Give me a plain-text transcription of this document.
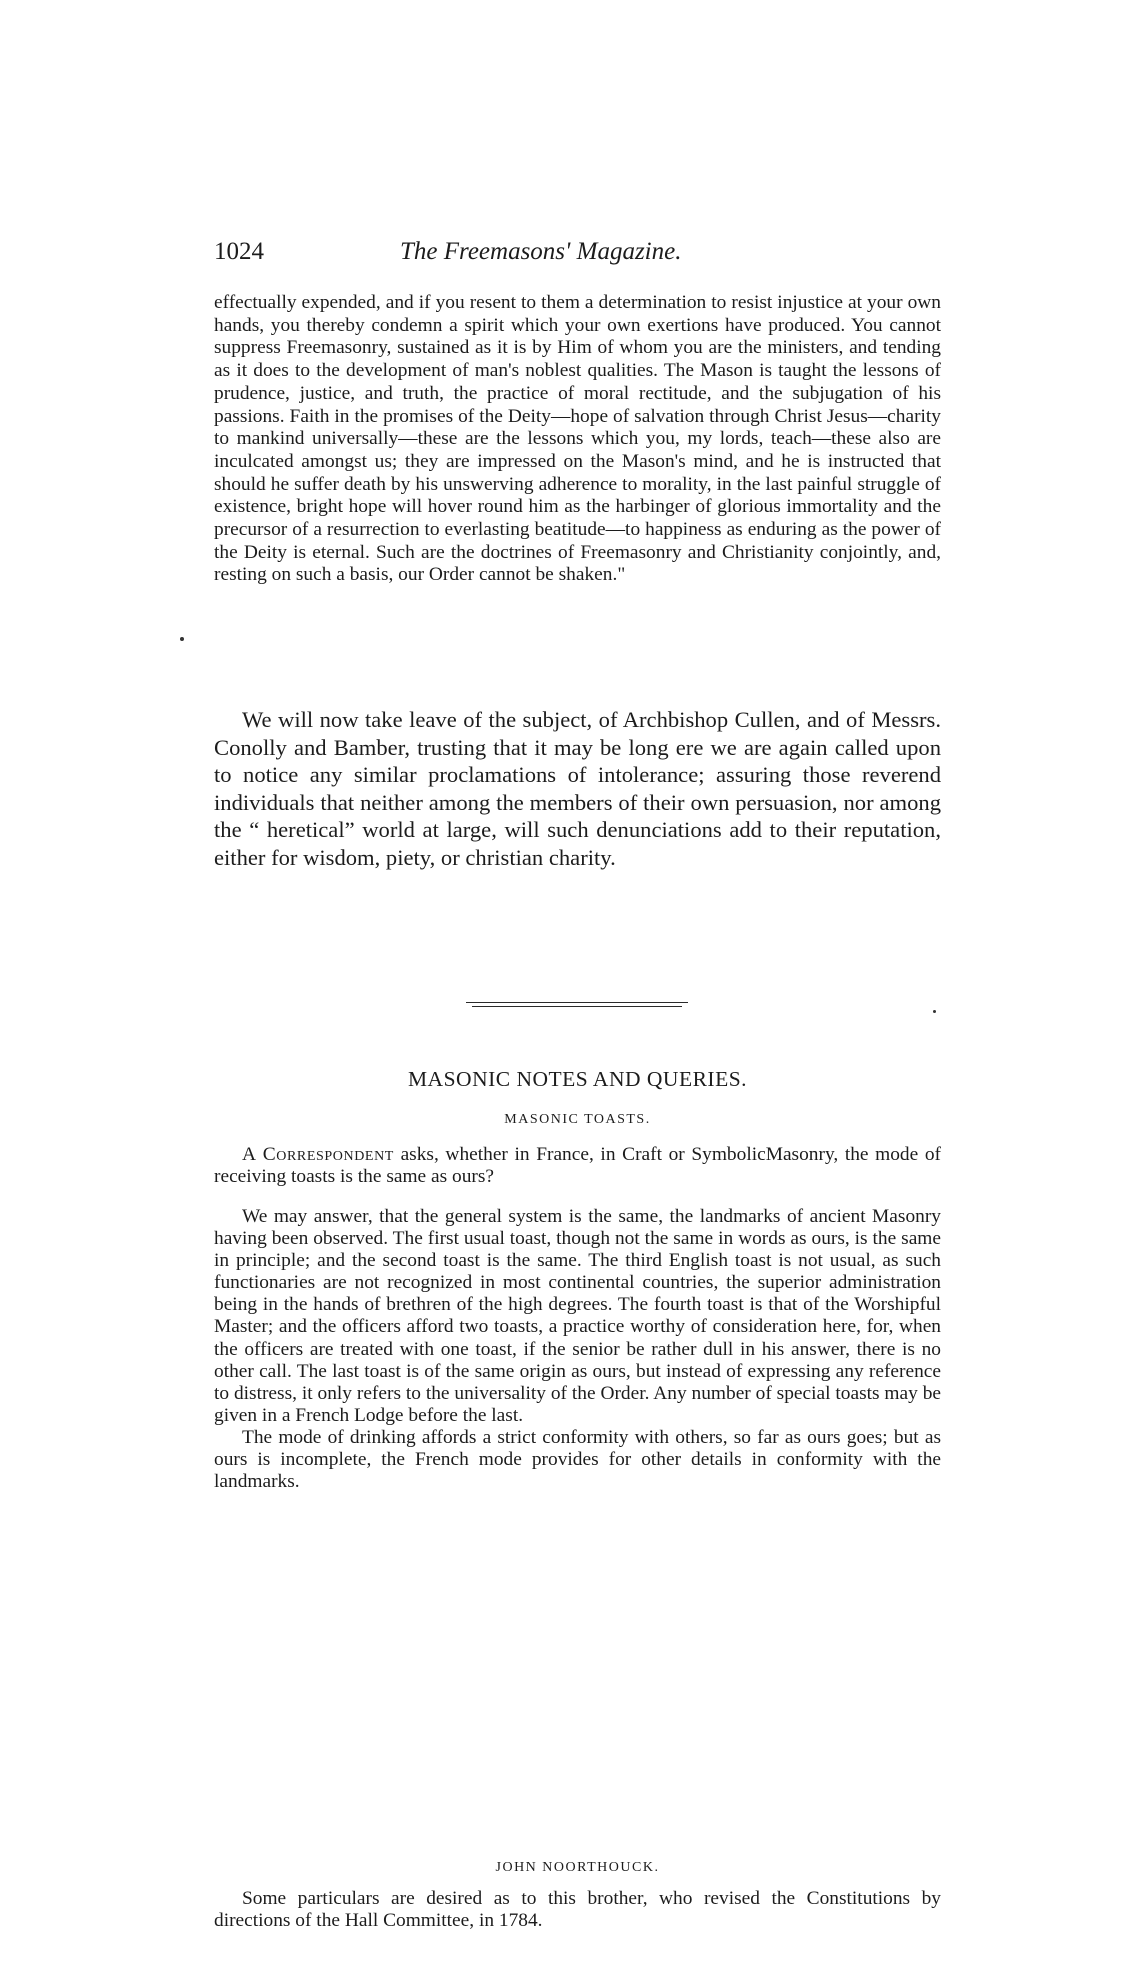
1024	The Freemasons' Magazine.

effectually expended, and if you resent to them a determination to resist injustice at your own hands, you thereby condemn a spirit which your own exertions have produced. You cannot suppress Freemasonry, sustained as it is by Him of whom you are the ministers, and tending as it does to the development of man's noblest qualities. The Mason is taught the lessons of prudence, justice, and truth, the practice of moral rectitude, and the subjugation of his passions. Faith in the promises of the Deity—hope of salvation through Christ Jesus—charity to mankind universally—these are the lessons which you, my lords, teach—these also are inculcated amongst us; they are impressed on the Mason's mind, and he is instructed that should he suffer death by his unswerving adherence to morality, in the last painful struggle of existence, bright hope will hover round him as the harbinger of glorious immortality and the precursor of a resurrection to everlasting beatitude—to happiness as enduring as the power of the Deity is eternal. Such are the doctrines of Freemasonry and Christianity conjointly, and, resting on such a basis, our Order cannot be shaken."

We will now take leave of the subject, of Archbishop Cullen, and of Messrs. Conolly and Bamber, trusting that it may be long ere we are again called upon to notice any similar proclamations of intolerance; assuring those reverend individuals that neither among the members of their own persuasion, nor among the “ heretical” world at large, will such denunciations add to their reputation, either for wisdom, piety, or christian charity.

MASONIC NOTES AND QUERIES.
MASONIC TOASTS.

A Correspondent asks, whether in France, in Craft or SymbolicMasonry, the mode of receiving toasts is the same as ours?

We may answer, that the general system is the same, the landmarks of ancient Masonry having been observed. The first usual toast, though not the same in words as ours, is the same in principle; and the second toast is the same. The third English toast is not usual, as such functionaries are not recognized in most continental countries, the superior administration being in the hands of brethren of the high degrees. The fourth toast is that of the Worshipful Master; and the officers afford two toasts, a practice worthy of consideration here, for, when the officers are treated with one toast, if the senior be rather dull in his answer, there is no other call. The last toast is of the same origin as ours, but instead of expressing any reference to distress, it only refers to the universality of the Order. Any number of special toasts may be given in a French Lodge before the last.
The mode of drinking affords a strict conformity with others, so far as ours goes; but as ours is incomplete, the French mode provides for other details in conformity with the landmarks.

JOHN NOORTHOUCK.

Some particulars are desired as to this brother, who revised the Constitutions by directions of the Hall Committee, in 1784.
